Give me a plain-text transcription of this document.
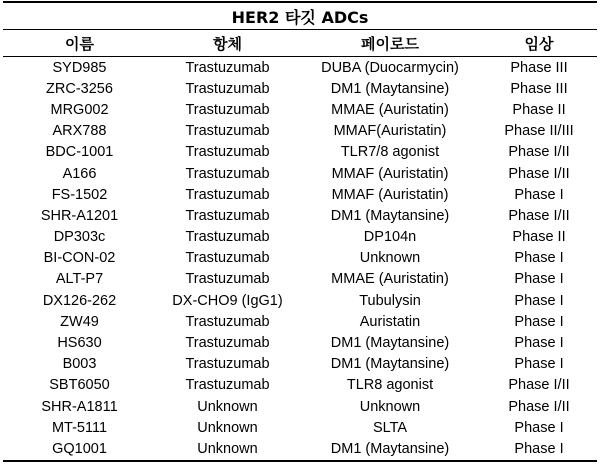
HER2 타깃 ADCs			
이름	항체	페이로드	임상
SYD985	Trastuzumab	DUBA (Duocarmycin)	Phase III
ZRC-3256	Trastuzumab	DM1 (Maytansine)	Phase III
MRG002	Trastuzumab	MMAE (Auristatin)	Phase II
ARX788	Trastuzumab	MMAF(Auristatin)	Phase II/III
BDC-1001	Trastuzumab	TLR7/8 agonist	Phase I/II
A166	Trastuzumab	MMAF (Auristatin)	Phase I/II
FS-1502	Trastuzumab	MMAF (Auristatin)	Phase I
SHR-A1201	Trastuzumab	DM1 (Maytansine)	Phase I/II
DP303c	Trastuzumab	DP104n	Phase II
BI-CON-02	Trastuzumab	Unknown	Phase I
ALT-P7	Trastuzumab	MMAE (Auristatin)	Phase I
DX126-262	DX-CHO9 (IgG1)	Tubulysin	Phase I
ZW49	Trastuzumab	Auristatin	Phase I
HS630	Trastuzumab	DM1 (Maytansine)	Phase I
B003	Trastuzumab	DM1 (Maytansine)	Phase I
SBT6050	Trastuzumab	TLR8 agonist	Phase I/II
SHR-A1811	Unknown	Unknown	Phase I/II
MT-5111	Unknown	SLTA	Phase I
GQ1001	Unknown	DM1 (Maytansine)	Phase I
